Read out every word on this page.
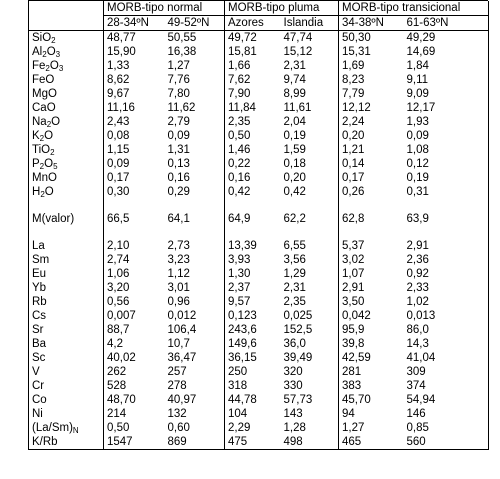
	MORB-tipo normal		MORB-tipo pluma		MORB-tipo transicional	
	28-34ºN	49-52ºN	Azores	Islandia	34-38ºN	61-63ºN
SiO$_2$	48,77	50,55	49,72	47,74	50,30	49,29
$Al_2O_3$	15,90	16,38	15,81	15,12	15,31	14,69
$Fe_2O_3$	1,33	1,27	1,66	2,31	1,69	1,84
FeO	8,62	7,76	7,62	9,74	8,23	9,11
MgO	9,67	7,80	7,90	8,99	7,79	9,09
CaO	11,16	11,62	11,84	11,61	12,12	12,17
$Na_2O$	2,43	2,79	2,35	2,04	2,24	1,93
$K_2O$	0,08	0,09	0,50	0,19	0,20	0,09
TiO$_2$	1,15	1,31	1,46	1,59	1,21	1,08
$P_2O_5$	0,09	0,13	0,22	0,18	0,14	0,12
MnO	0,17	0,16	0,16	0,20	0,17	0,19
$H_2O$	0,30	0,29	0,42	0,42	0,26	0,31

M(valor)	66,5	64,1	64,9	62,2	62,8	63,9

La	2,10	2,73	13,39	6,55	5,37	2,91
Sm	2,74	3,23	3,93	3,56	3,02	2,36
Eu	1,06	1,12	1,30	1,29	1,07	0,92
Yb	3,20	3,01	2,37	2,31	2,91	2,33
Rb	0,56	0,96	9,57	2,35	3,50	1,02
Cs	0,007	0,012	0,123	0,025	0,042	0,013
Sr	88,7	106,4	243,6	152,5	95,9	86,0
Ba	4,2	10,7	149,6	36,0	39,8	14,3
Sc	40,02	36,47	36,15	39,49	42,59	41,04
V	262	257	250	320	281	309
Cr	528	278	318	330	383	374
Co	48,70	40,97	44,78	57,73	45,70	54,94
Ni	214	132	104	143	94	146
$(La/Sm)_N$	0,50	0,60	2,29	1,28	1,27	0,85
K/Rb	1547	869	475	498	465	560
